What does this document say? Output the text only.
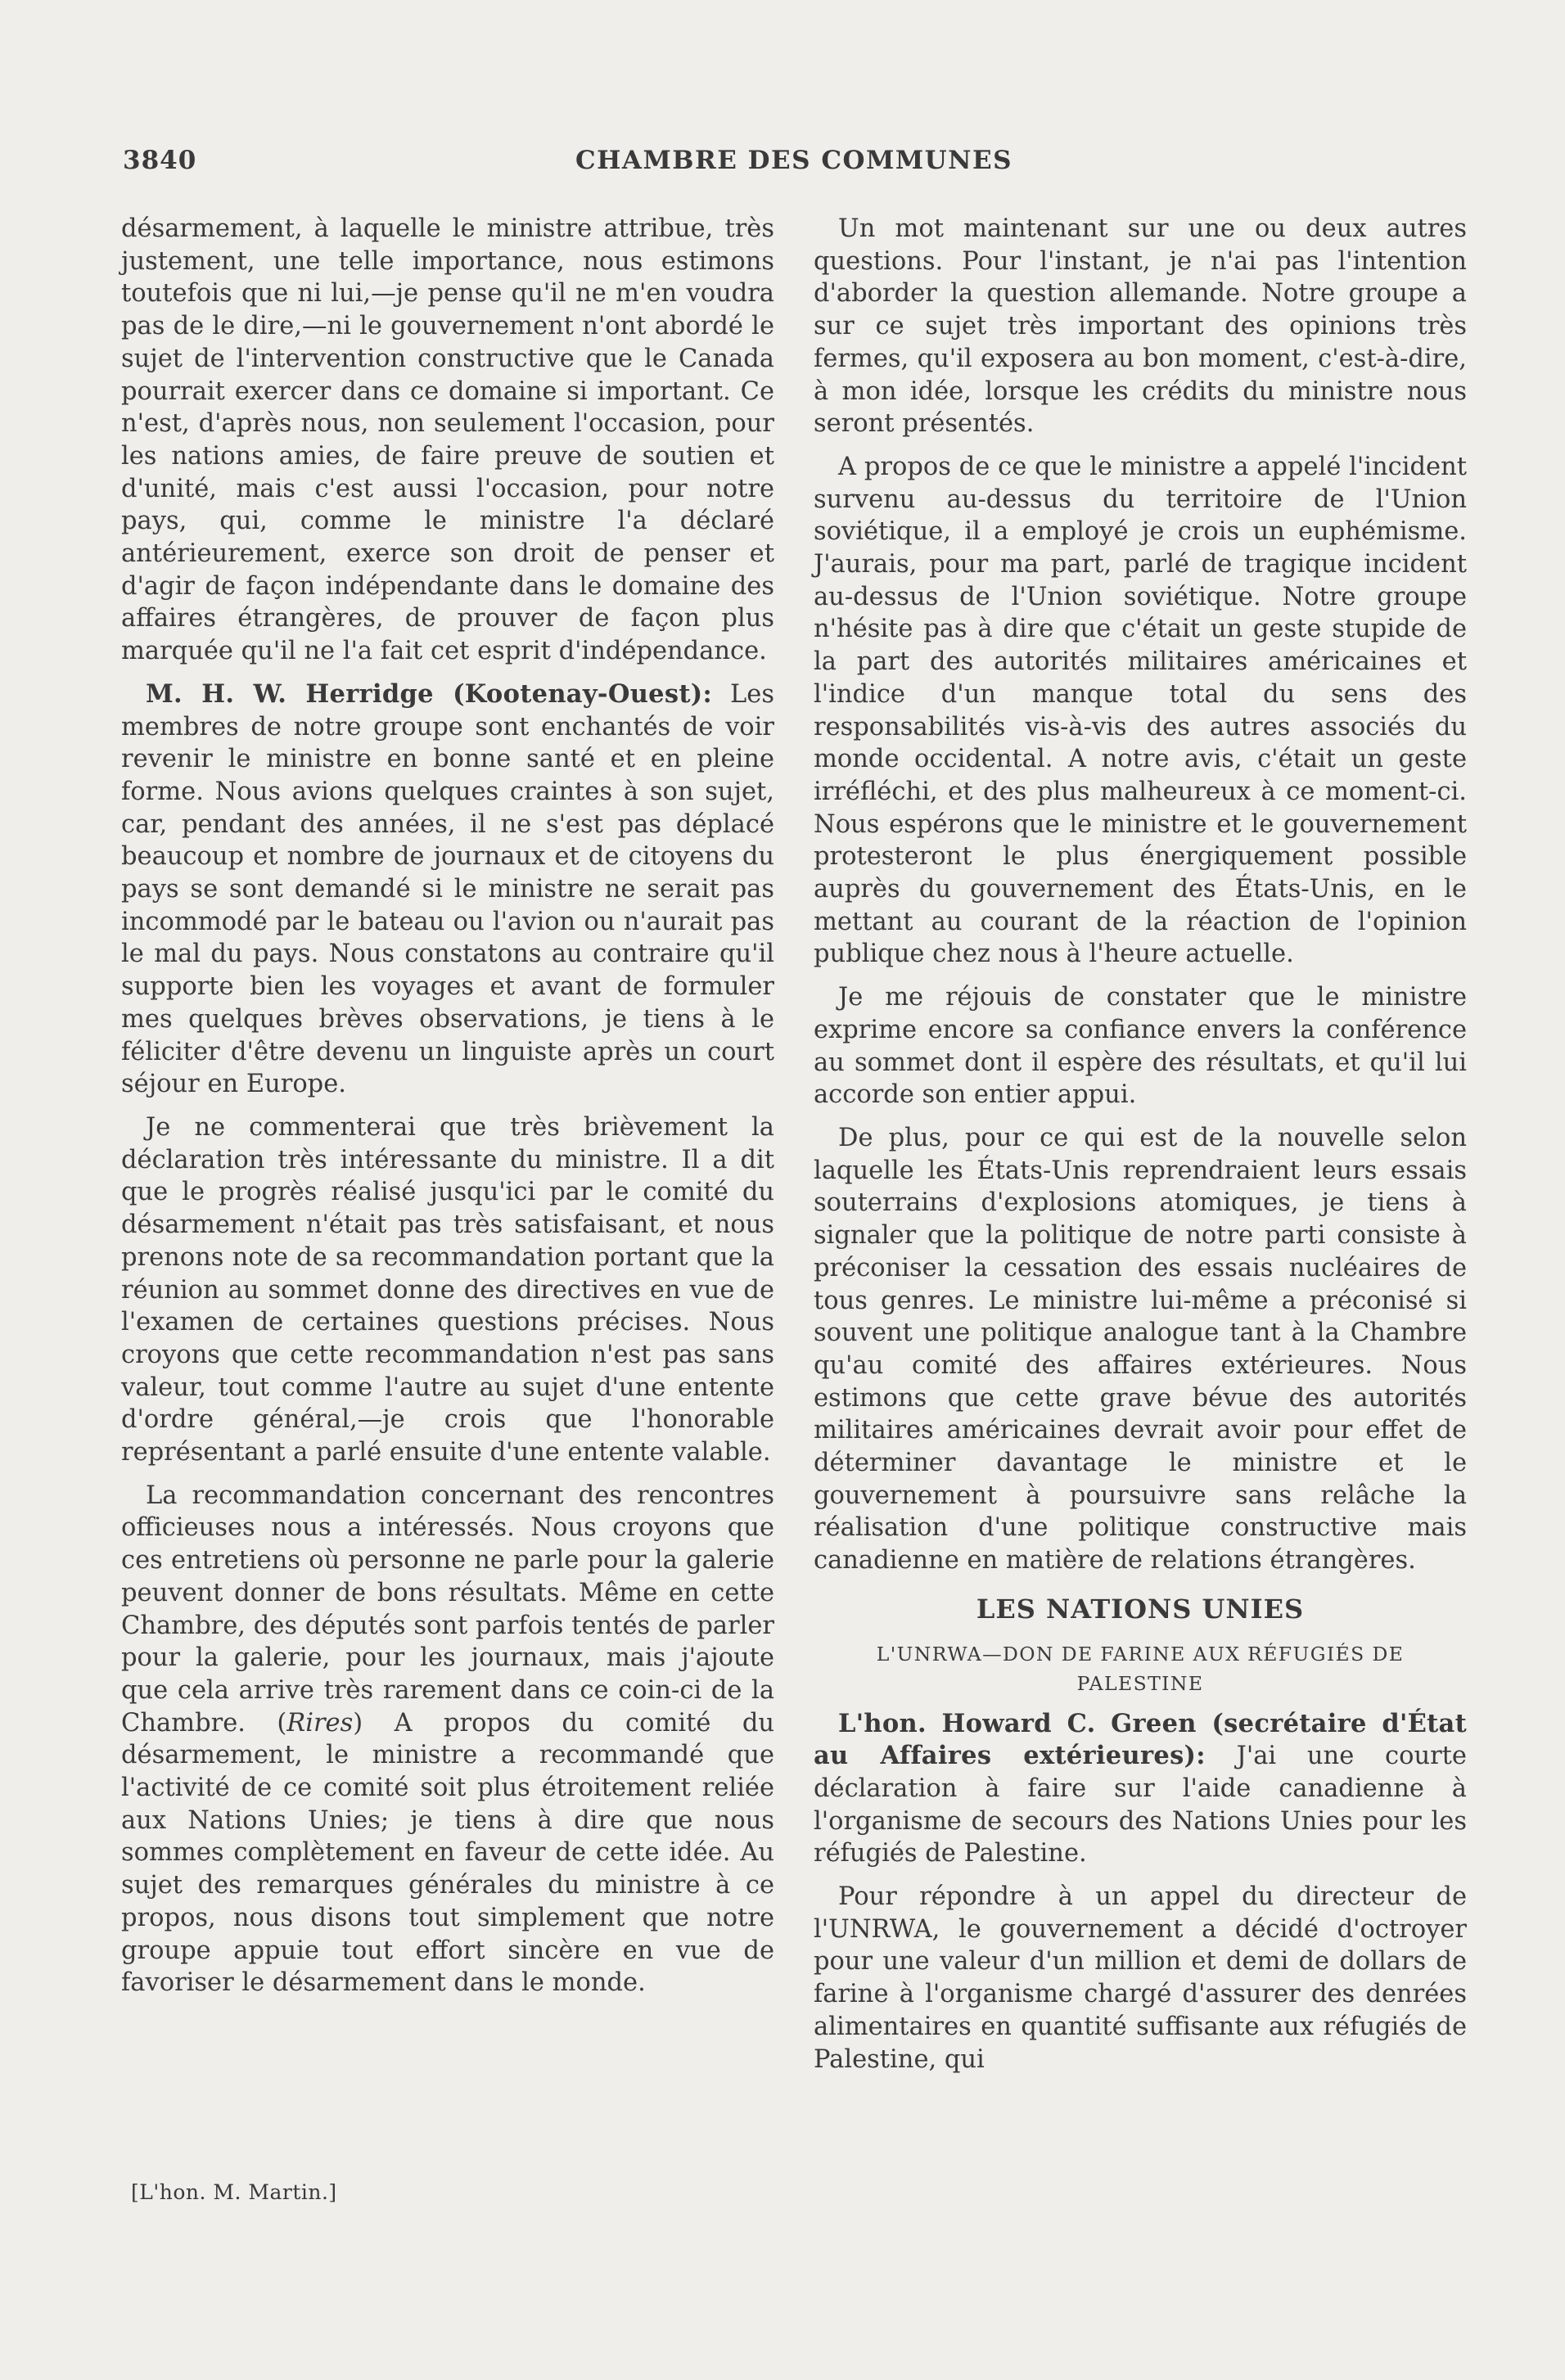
3840	CHAMBRE DES COMMUNES

désarmement, à laquelle le ministre attribue, très justement, une telle importance, nous estimons toutefois que ni lui,—je pense qu'il ne m'en voudra pas de le dire,—ni le gouvernement n'ont abordé le sujet de l'intervention constructive que le Canada pourrait exercer dans ce domaine si important. Ce n'est, d'après nous, non seulement l'occasion, pour les nations amies, de faire preuve de soutien et d'unité, mais c'est aussi l'occasion, pour notre pays, qui, comme le ministre l'a déclaré antérieurement, exerce son droit de penser et d'agir de façon indépendante dans le domaine des affaires étrangères, de prouver de façon plus marquée qu'il ne l'a fait cet esprit d'indépendance.

M. H. W. Herridge (Kootenay-Ouest): Les membres de notre groupe sont enchantés de voir revenir le ministre en bonne santé et en pleine forme. Nous avions quelques craintes à son sujet, car, pendant des années, il ne s'est pas déplacé beaucoup et nombre de journaux et de citoyens du pays se sont demandé si le ministre ne serait pas incommodé par le bateau ou l'avion ou n'aurait pas le mal du pays. Nous constatons au contraire qu'il supporte bien les voyages et avant de formuler mes quelques brèves observations, je tiens à le féliciter d'être devenu un linguiste après un court séjour en Europe.

Je ne commenterai que très brièvement la déclaration très intéressante du ministre. Il a dit que le progrès réalisé jusqu'ici par le comité du désarmement n'était pas très satisfaisant, et nous prenons note de sa recommandation portant que la réunion au sommet donne des directives en vue de l'examen de certaines questions précises. Nous croyons que cette recommandation n'est pas sans valeur, tout comme l'autre au sujet d'une entente d'ordre général,—je crois que l'honorable représentant a parlé ensuite d'une entente valable.

La recommandation concernant des rencontres officieuses nous a intéressés. Nous croyons que ces entretiens où personne ne parle pour la galerie peuvent donner de bons résultats. Même en cette Chambre, des députés sont parfois tentés de parler pour la galerie, pour les journaux, mais j'ajoute que cela arrive très rarement dans ce coin-ci de la Chambre. (Rires) A propos du comité du désarmement, le ministre a recommandé que l'activité de ce comité soit plus étroitement reliée aux Nations Unies; je tiens à dire que nous sommes complètement en faveur de cette idée. Au sujet des remarques générales du ministre à ce propos, nous disons tout simplement que notre groupe appuie tout effort sincère en vue de favoriser le désarmement dans le monde.

Un mot maintenant sur une ou deux autres questions. Pour l'instant, je n'ai pas l'intention d'aborder la question allemande. Notre groupe a sur ce sujet très important des opinions très fermes, qu'il exposera au bon moment, c'est-à-dire, à mon idée, lorsque les crédits du ministre nous seront présentés.

A propos de ce que le ministre a appelé l'incident survenu au-dessus du territoire de l'Union soviétique, il a employé je crois un euphémisme. J'aurais, pour ma part, parlé de tragique incident au-dessus de l'Union soviétique. Notre groupe n'hésite pas à dire que c'était un geste stupide de la part des autorités militaires américaines et l'indice d'un manque total du sens des responsabilités vis-à-vis des autres associés du monde occidental. A notre avis, c'était un geste irréfléchi, et des plus malheureux à ce moment-ci. Nous espérons que le ministre et le gouvernement protesteront le plus énergiquement possible auprès du gouvernement des États-Unis, en le mettant au courant de la réaction de l'opinion publique chez nous à l'heure actuelle.

Je me réjouis de constater que le ministre exprime encore sa confiance envers la conférence au sommet dont il espère des résultats, et qu'il lui accorde son entier appui.

De plus, pour ce qui est de la nouvelle selon laquelle les États-Unis reprendraient leurs essais souterrains d'explosions atomiques, je tiens à signaler que la politique de notre parti consiste à préconiser la cessation des essais nucléaires de tous genres. Le ministre lui-même a préconisé si souvent une politique analogue tant à la Chambre qu'au comité des affaires extérieures. Nous estimons que cette grave bévue des autorités militaires américaines devrait avoir pour effet de déterminer davantage le ministre et le gouvernement à poursuivre sans relâche la réalisation d'une politique constructive mais canadienne en matière de relations étrangères.

LES NATIONS UNIES
L'UNRWA—DON DE FARINE AUX RÉFUGIÉS DE PALESTINE

L'hon. Howard C. Green (secrétaire d'État au Affaires extérieures): J'ai une courte déclaration à faire sur l'aide canadienne à l'organisme de secours des Nations Unies pour les réfugiés de Palestine.

Pour répondre à un appel du directeur de l'UNRWA, le gouvernement a décidé d'octroyer pour une valeur d'un million et demi de dollars de farine à l'organisme chargé d'assurer des denrées alimentaires en quantité suffisante aux réfugiés de Palestine, qui

[L'hon. M. Martin.]
